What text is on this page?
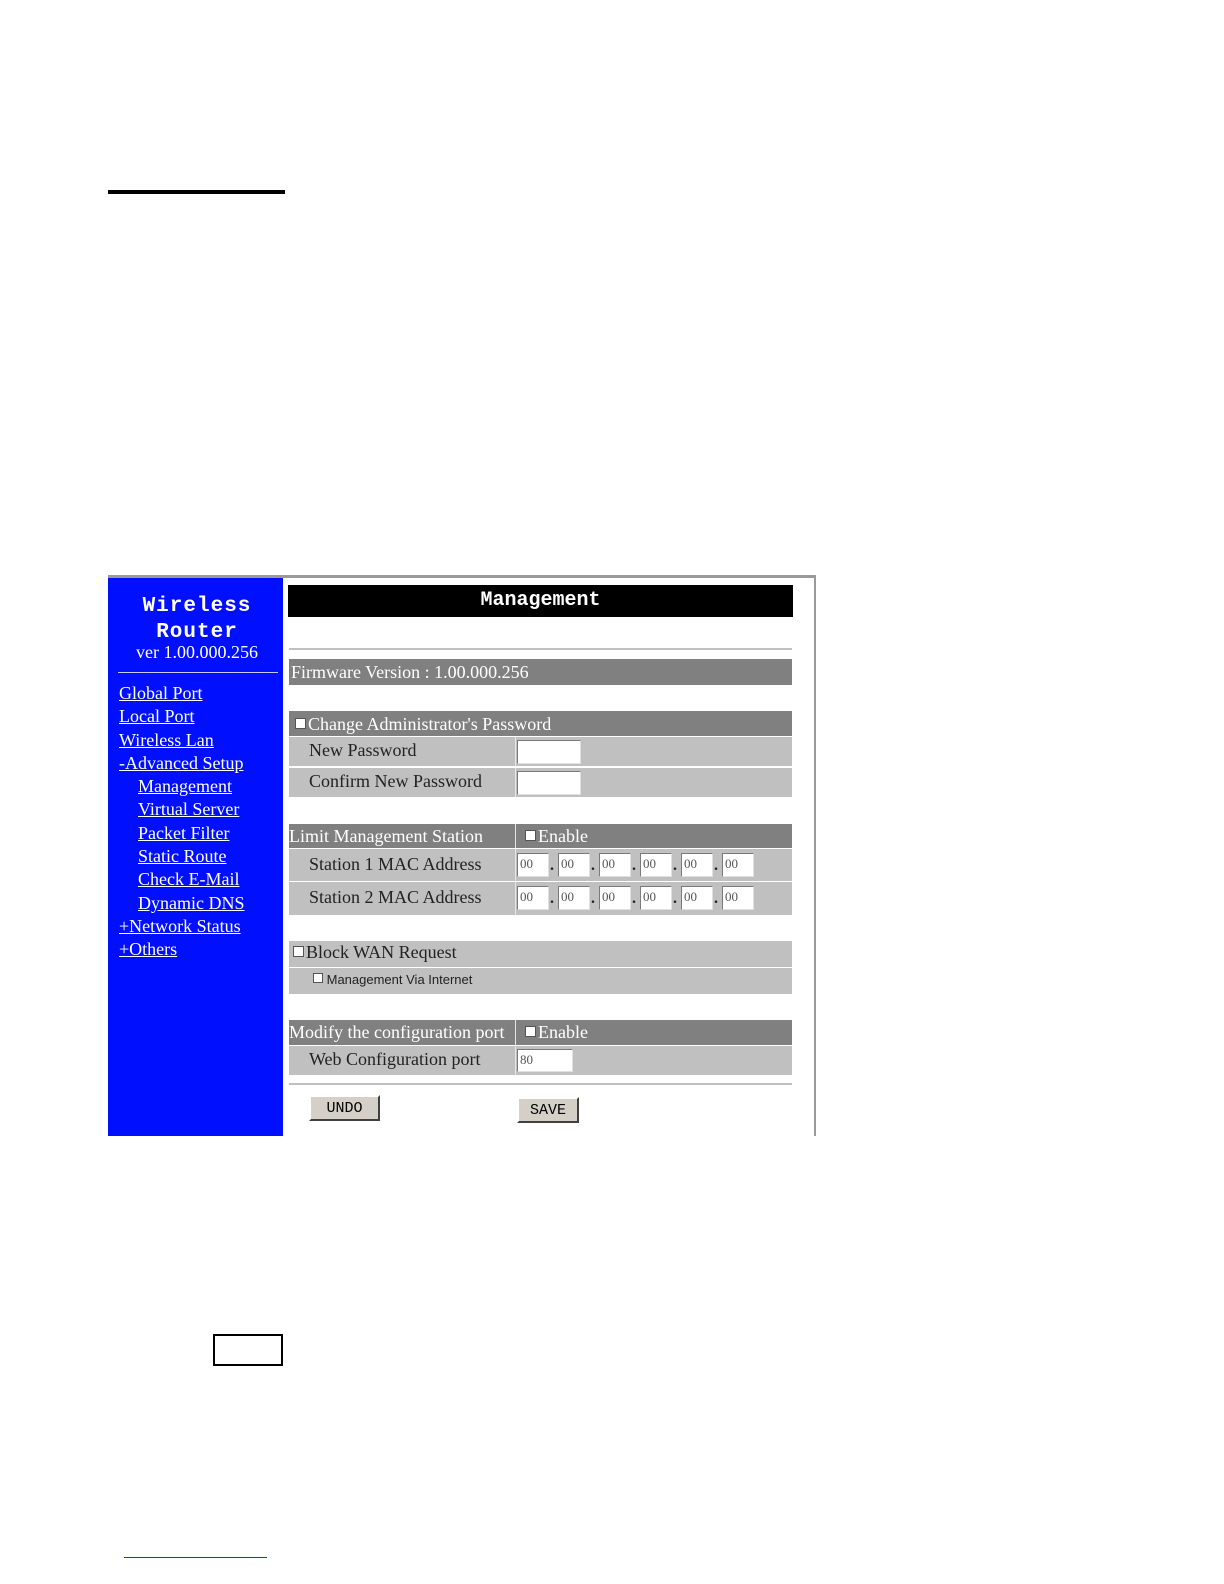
Wireless Router
ver 1.00.000.256
Global Port
Local Port
Wireless Lan
-Advanced Setup
Management
Virtual Server
Packet Filter
Static Route
Check E-Mail
Dynamic DNS
+Network Status
+Others
Management
Firmware Version : 1.00.000.256
Change Administrator's Password
New Password
Confirm New Password
Limit Management Station	Enable
Station 1 MAC Address	00	. 00	. 00	. 00	. 00	. 00
Station 2 MAC Address	00	. 00	. 00	. 00	. 00	. 00
Block WAN Request
Management Via Internet
Modify the configuration port	Enable
Web Configuration port	80
UNDO	SAVE
